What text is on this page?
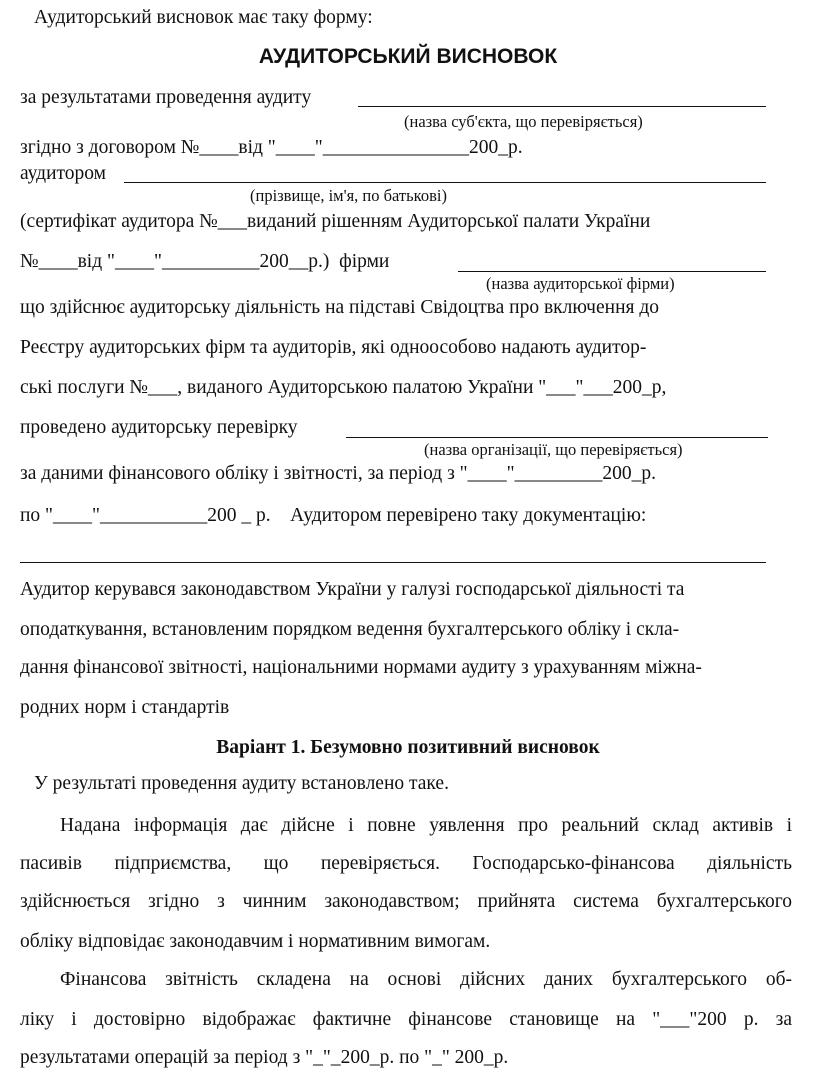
Аудиторський висновок має таку форму:
АУДИТОРСЬКИЙ ВИСНОВОК
за результатами проведення аудиту
(назва суб'єкта, що перевіряється)
згідно з договором №____від "____"_______________200_р.
аудитором
(прізвище, ім'я, по батькові)
(сертифікат аудитора №___виданий рішенням Аудиторської палати України
№____від "____"__________200__р.)  фірми
(назва аудиторської фірми)
що здійснює аудиторську діяльність на підставі Свідоцтва про включення до
Реєстру аудиторських фірм та аудиторів, які одноособово надають аудитор-
ські послуги №___, виданого Аудиторською палатою України "___"___200_р,
проведено аудиторську перевірку
(назва організації, що перевіряється)
за даними фінансового обліку і звітності, за період з "____"_________200_р.
по "____"___________200 _ р.    Аудитором перевірено таку документацію:
Аудитор керувався законодавством України у галузі господарської діяльності та
оподаткування, встановленим порядком ведення бухгалтерського обліку і скла-
дання фінансової звітності, національними нормами аудиту з урахуванням міжна-
родних норм і стандартів
Варіант 1. Безумовно позитивний висновок
У результаті проведення аудиту встановлено таке.
Надана інформація дає дійсне і повне уявлення про реальний склад активів і
пасивів підприємства, що перевіряється. Господарсько-фінансова діяльність
здійснюється згідно з чинним законодавством; прийнята система бухгалтерського
обліку відповідає законодавчим і нормативним вимогам.
Фінансова звітність складена на основі дійсних даних бухгалтерського об-
ліку і достовірно відображає фактичне фінансове становище на "___"200 р. за
результатами операцій за період з "_"_200_р. по "_" 200_р.
